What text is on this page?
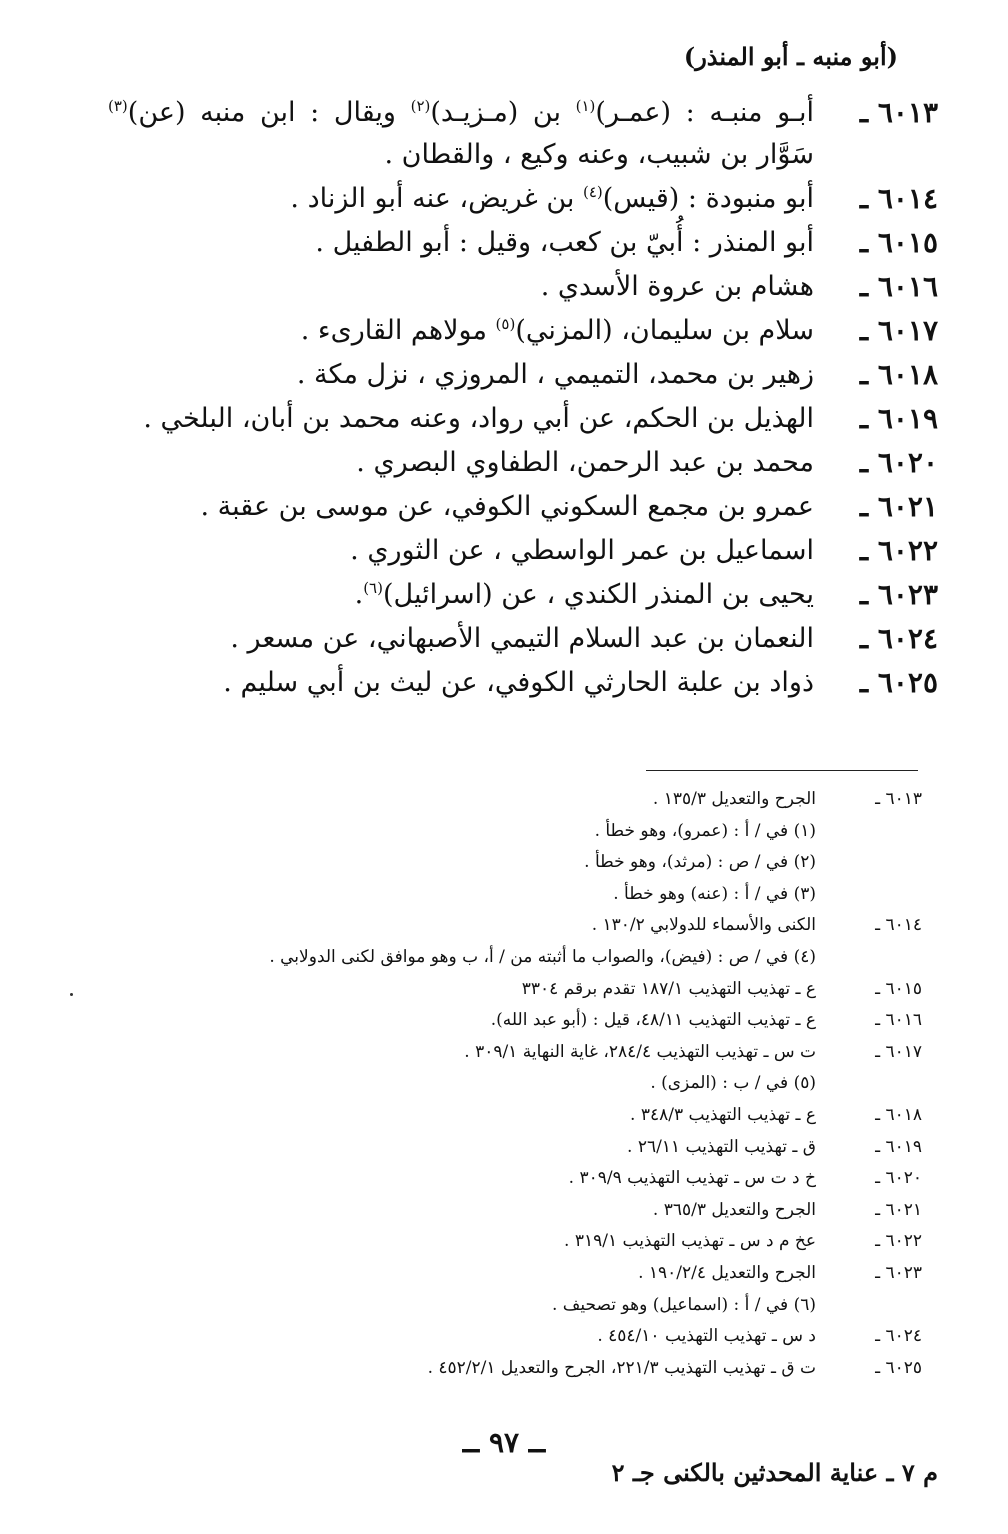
(أبو منبه ـ أبو المنذر)
٦٠١٣ ـ
أبـو منبـه : (عمـر)$^{(١)}$ بن (مـزيـد)$^{(٢)}$ ويقال : ابن منبه (عن)$^{(٣)}$ سَوَّار بن شبيب، وعنه وكيع ، والقطان .
٦٠١٤ ـ
أبو منبودة : (قيس)$^{(٤)}$ بن غريض، عنه أبو الزناد .
٦٠١٥ ـ
أبو المنذر : أُبيّ بن كعب، وقيل : أبو الطفيل .
٦٠١٦ ـ
هشام بن عروة الأسدي .
٦٠١٧ ـ
سلام بن سليمان، (المزني)$^{(٥)}$ مولاهم القارىء .
٦٠١٨ ـ
زهير بن محمد، التميمي ، المروزي ، نزل مكة .
٦٠١٩ ـ
الهذيل بن الحكم، عن أبي رواد، وعنه محمد بن أبان، البلخي .
٦٠٢٠ ـ
محمد بن عبد الرحمن، الطفاوي البصري .
٦٠٢١ ـ
عمرو بن مجمع السكوني الكوفي، عن موسى بن عقبة .
٦٠٢٢ ـ
اسماعيل بن عمر الواسطي ، عن الثوري .
٦٠٢٣ ـ
يحيى بن المنذر الكندي ، عن (اسرائيل)$^{(٦)}$.
٦٠٢٤ ـ
النعمان بن عبد السلام التيمي الأصبهاني، عن مسعر .
٦٠٢٥ ـ
ذواد بن علبة الحارثي الكوفي، عن ليث بن أبي سليم .
٦٠١٣ ـ
الجرح والتعديل ١٣٥/٣ .
(١) في / أ : (عمرو)، وهو خطأ .
(٢) في / ص : (مرثد)، وهو خطأ .
(٣) في / أ : (عنه) وهو خطأ .
٦٠١٤ ـ
الكنى والأسماء للدولابي ١٣٠/٢ .
(٤) في / ص : (فيض)، والصواب ما أثبته من / أ، ب وهو موافق لكنى الدولابي .
٦٠١٥ ـ
ع ـ تهذيب التهذيب ١٨٧/١ تقدم برقم ٣٣٠٤
٦٠١٦ ـ
ع ـ تهذيب التهذيب ٤٨/١١، قيل : (أبو عبد الله).
٦٠١٧ ـ
ت س ـ تهذيب التهذيب ٢٨٤/٤، غاية النهاية ٣٠٩/١ .
(٥) في / ب : (المزى) .
٦٠١٨ ـ
ع ـ تهذيب التهذيب ٣٤٨/٣ .
٦٠١٩ ـ
ق ـ تهذيب التهذيب ٢٦/١١ .
٦٠٢٠ ـ
خ د ت س ـ تهذيب التهذيب ٣٠٩/٩ .
٦٠٢١ ـ
الجرح والتعديل ٣٦٥/٣ .
٦٠٢٢ ـ
عخ م د س ـ تهذيب التهذيب ٣١٩/١ .
٦٠٢٣ ـ
الجرح والتعديل ١٩٠/٢/٤ .
(٦) في / أ : (اسماعيل) وهو تصحيف .
٦٠٢٤ ـ
د س ـ تهذيب التهذيب ٤٥٤/١٠ .
٦٠٢٥ ـ
ت ق ـ تهذيب التهذيب ٢٢١/٣، الجرح والتعديل ٤٥٢/٢/١ .
ــ ٩٧ ــ
م ٧ ـ عناية المحدثين بالكنى جـ ٢
